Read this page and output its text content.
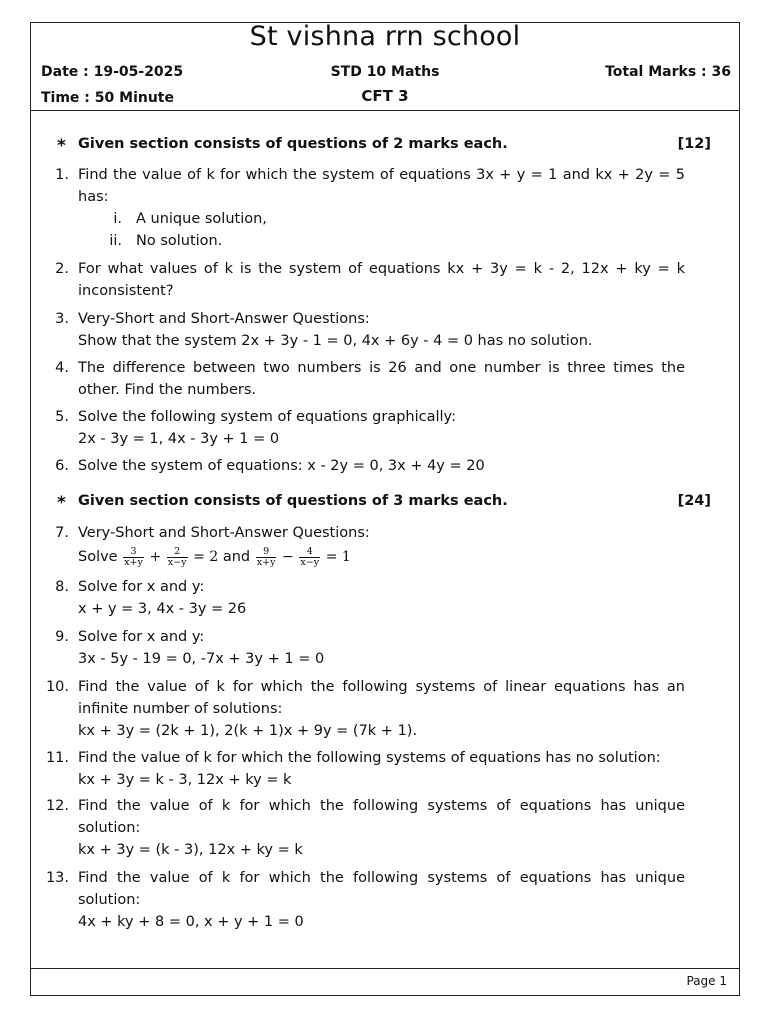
St vishna rrn school
Date : 19-05-2025	STD 10 Maths	Total Marks : 36
Time : 50 Minute	CFT 3
* Given section consists of questions of 2 marks each.	[12]
1. Find the value of k for which the system of equations 3x + y = 1 and kx + 2y = 5 has:
i. A unique solution,
ii. No solution.
2. For what values of k is the system of equations kx + 3y = k - 2, 12x + ky = k inconsistent?
3. Very-Short and Short-Answer Questions:
Show that the system 2x + 3y - 1 = 0, 4x + 6y - 4 = 0 has no solution.
4. The difference between two numbers is 26 and one number is three times the other. Find the numbers.
5. Solve the following system of equations graphically:
2x - 3y = 1, 4x - 3y + 1 = 0
6. Solve the system of equations: x - 2y = 0, 3x + 4y = 20
* Given section consists of questions of 3 marks each.	[24]
7. Very-Short and Short-Answer Questions:
Solve $\frac{3}{x+y} + \frac{2}{x-y} = 2$ and $\frac{9}{x+y} - \frac{4}{x-y} = 1$
8. Solve for x and y:
x + y = 3, 4x - 3y = 26
9. Solve for x and y:
3x - 5y - 19 = 0, -7x + 3y + 1 = 0
10. Find the value of k for which the following systems of linear equations has an infinite number of solutions:
kx + 3y = (2k + 1), 2(k + 1)x + 9y = (7k + 1).
11. Find the value of k for which the following systems of equations has no solution:
kx + 3y = k - 3, 12x + ky = k
12. Find the value of k for which the following systems of equations has unique solution:
kx + 3y = (k - 3), 12x + ky = k
13. Find the value of k for which the following systems of equations has unique solution:
4x + ky + 8 = 0, x + y + 1 = 0
Page 1
